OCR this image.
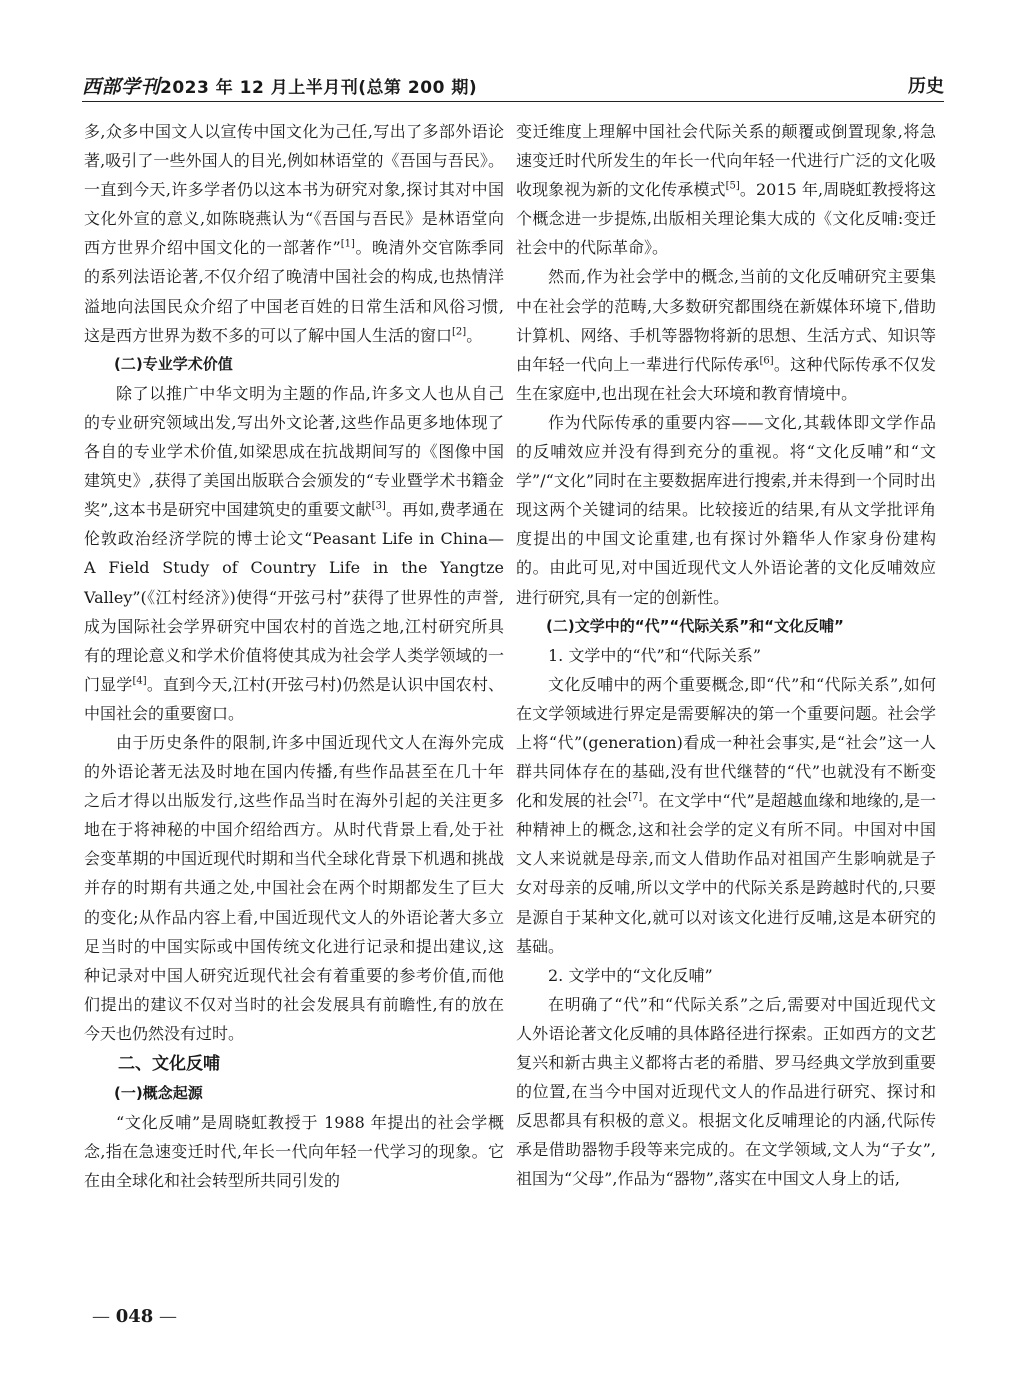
西部学刊2023 年 12 月上半月刊(总第 200 期)	历史

多,众多中国文人以宣传中国文化为己任,写出了多部外语论著,吸引了一些外国人的目光,例如林语堂的《吾国与吾民》。一直到今天,许多学者仍以这本书为研究对象,探讨其对中国文化外宣的意义,如陈晓燕认为“《吾国与吾民》是林语堂向西方世界介绍中国文化的一部著作”[1]。晚清外交官陈季同的系列法语论著,不仅介绍了晚清中国社会的构成,也热情洋溢地向法国民众介绍了中国老百姓的日常生活和风俗习惯,这是西方世界为数不多的可以了解中国人生活的窗口[2]。

(二)专业学术价值

除了以推广中华文明为主题的作品,许多文人也从自己的专业研究领域出发,写出外文论著,这些作品更多地体现了各自的专业学术价值,如梁思成在抗战期间写的《图像中国建筑史》,获得了美国出版联合会颁发的“专业暨学术书籍金奖”,这本书是研究中国建筑史的重要文献[3]。再如,费孝通在伦敦政治经济学院的博士论文“Peasant Life in China— A Field Study of Country Life in the Yangtze Valley”(《江村经济》)使得“开弦弓村”获得了世界性的声誉,成为国际社会学界研究中国农村的首选之地,江村研究所具有的理论意义和学术价值将使其成为社会学人类学领域的一门显学[4]。直到今天,江村(开弦弓村)仍然是认识中国农村、中国社会的重要窗口。

由于历史条件的限制,许多中国近现代文人在海外完成的外语论著无法及时地在国内传播,有些作品甚至在几十年之后才得以出版发行,这些作品当时在海外引起的关注更多地在于将神秘的中国介绍给西方。从时代背景上看,处于社会变革期的中国近现代时期和当代全球化背景下机遇和挑战并存的时期有共通之处,中国社会在两个时期都发生了巨大的变化;从作品内容上看,中国近现代文人的外语论著大多立足当时的中国实际或中国传统文化进行记录和提出建议,这种记录对中国人研究近现代社会有着重要的参考价值,而他们提出的建议不仅对当时的社会发展具有前瞻性,有的放在今天也仍然没有过时。

二、文化反哺
(一)概念起源

“文化反哺”是周晓虹教授于 1988 年提出的社会学概念,指在急速变迁时代,年长一代向年轻一代学习的现象。它在由全球化和社会转型所共同引发的

变迁维度上理解中国社会代际关系的颠覆或倒置现象,将急速变迁时代所发生的年长一代向年轻一代进行广泛的文化吸收现象视为新的文化传承模式[5]。2015 年,周晓虹教授将这个概念进一步提炼,出版相关理论集大成的《文化反哺:变迁社会中的代际革命》。

然而,作为社会学中的概念,当前的文化反哺研究主要集中在社会学的范畴,大多数研究都围绕在新媒体环境下,借助计算机、网络、手机等器物将新的思想、生活方式、知识等由年轻一代向上一辈进行代际传承[6]。这种代际传承不仅发生在家庭中,也出现在社会大环境和教育情境中。

作为代际传承的重要内容——文化,其载体即文学作品的反哺效应并没有得到充分的重视。将“文化反哺”和“文学”/“文化”同时在主要数据库进行搜索,并未得到一个同时出现这两个关键词的结果。比较接近的结果,有从文学批评角度提出的中国文论重建,也有探讨外籍华人作家身份建构的。由此可见,对中国近现代文人外语论著的文化反哺效应进行研究,具有一定的创新性。

(二)文学中的“代”“代际关系”和“文化反哺”
1. 文学中的“代”和“代际关系”

文化反哺中的两个重要概念,即“代”和“代际关系”,如何在文学领域进行界定是需要解决的第一个重要问题。社会学上将“代”(generation)看成一种社会事实,是“社会”这一人群共同体存在的基础,没有世代继替的“代”也就没有不断变化和发展的社会[7]。在文学中“代”是超越血缘和地缘的,是一种精神上的概念,这和社会学的定义有所不同。中国对中国文人来说就是母亲,而文人借助作品对祖国产生影响就是子女对母亲的反哺,所以文学中的代际关系是跨越时代的,只要是源自于某种文化,就可以对该文化进行反哺,这是本研究的基础。

2. 文学中的“文化反哺”

在明确了“代”和“代际关系”之后,需要对中国近现代文人外语论著文化反哺的具体路径进行探索。正如西方的文艺复兴和新古典主义都将古老的希腊、罗马经典文学放到重要的位置,在当今中国对近现代文人的作品进行研究、探讨和反思都具有积极的意义。根据文化反哺理论的内涵,代际传承是借助器物手段等来完成的。在文学领域,文人为“子女”,祖国为“父母”,作品为“器物”,落实在中国文人身上的话,

— 048 —
